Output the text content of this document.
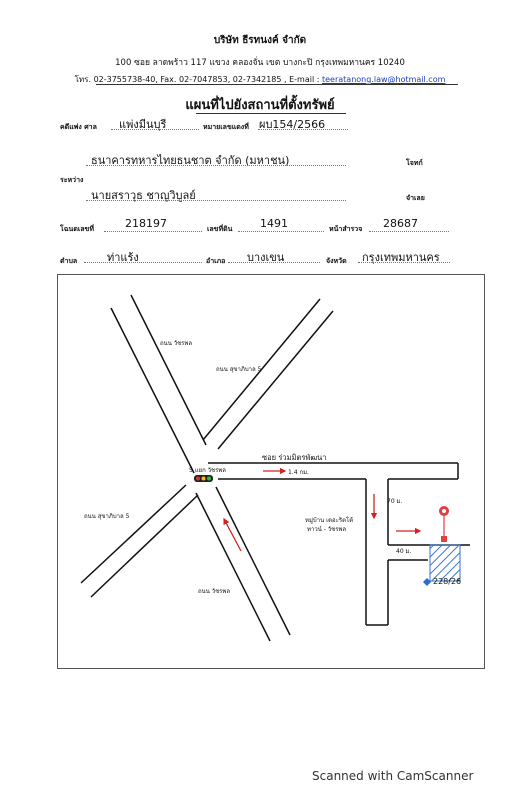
บริษัท ธีรทนงค์ จำกัด
100 ซอย ลาดพร้าว 117 แขวง คลองจั่น เขต บางกะปิ กรุงเทพมหานคร 10240
โทร. 02-3755738-40, Fax. 02-7047853, 02-7342185 , E-mail : teeratanong.law@hotmail.com
แผนที่ไปยังสถานที่ตั้งทรัพย์
คดีแพ่ง ศาล แพ่งมีนบุรี	หมายเลขแดงที่ ผบ154/2566
ธนาคารทหารไทยธนชาต จำกัด (มหาชน)	โจทก์
ระหว่าง
นายสราวุธ ชาญวิบูลย์	จำเลย
โฉนดเลขที่	218197	เลขที่ดิน	1491	หน้าสำรวจ 28687
ตำบล	ท่าแร้ง	อำเภอ บางเขน	จังหวัด กรุงเทพมหานคร
ถนน วัชรพล
ถนน สุขาภิบาล 5
5 แยก วัชรพล
ซอย ร่วมมิตรพัฒนา
1.4 กม.
70 ม.
หมู่บ้าน เดอะริตโต้
ทาวน์ - วัชรพล
40 ม.
ถนน สุขาภิบาล 5
ถนน วัชรพล
228/26
Scanned with CamScanner
